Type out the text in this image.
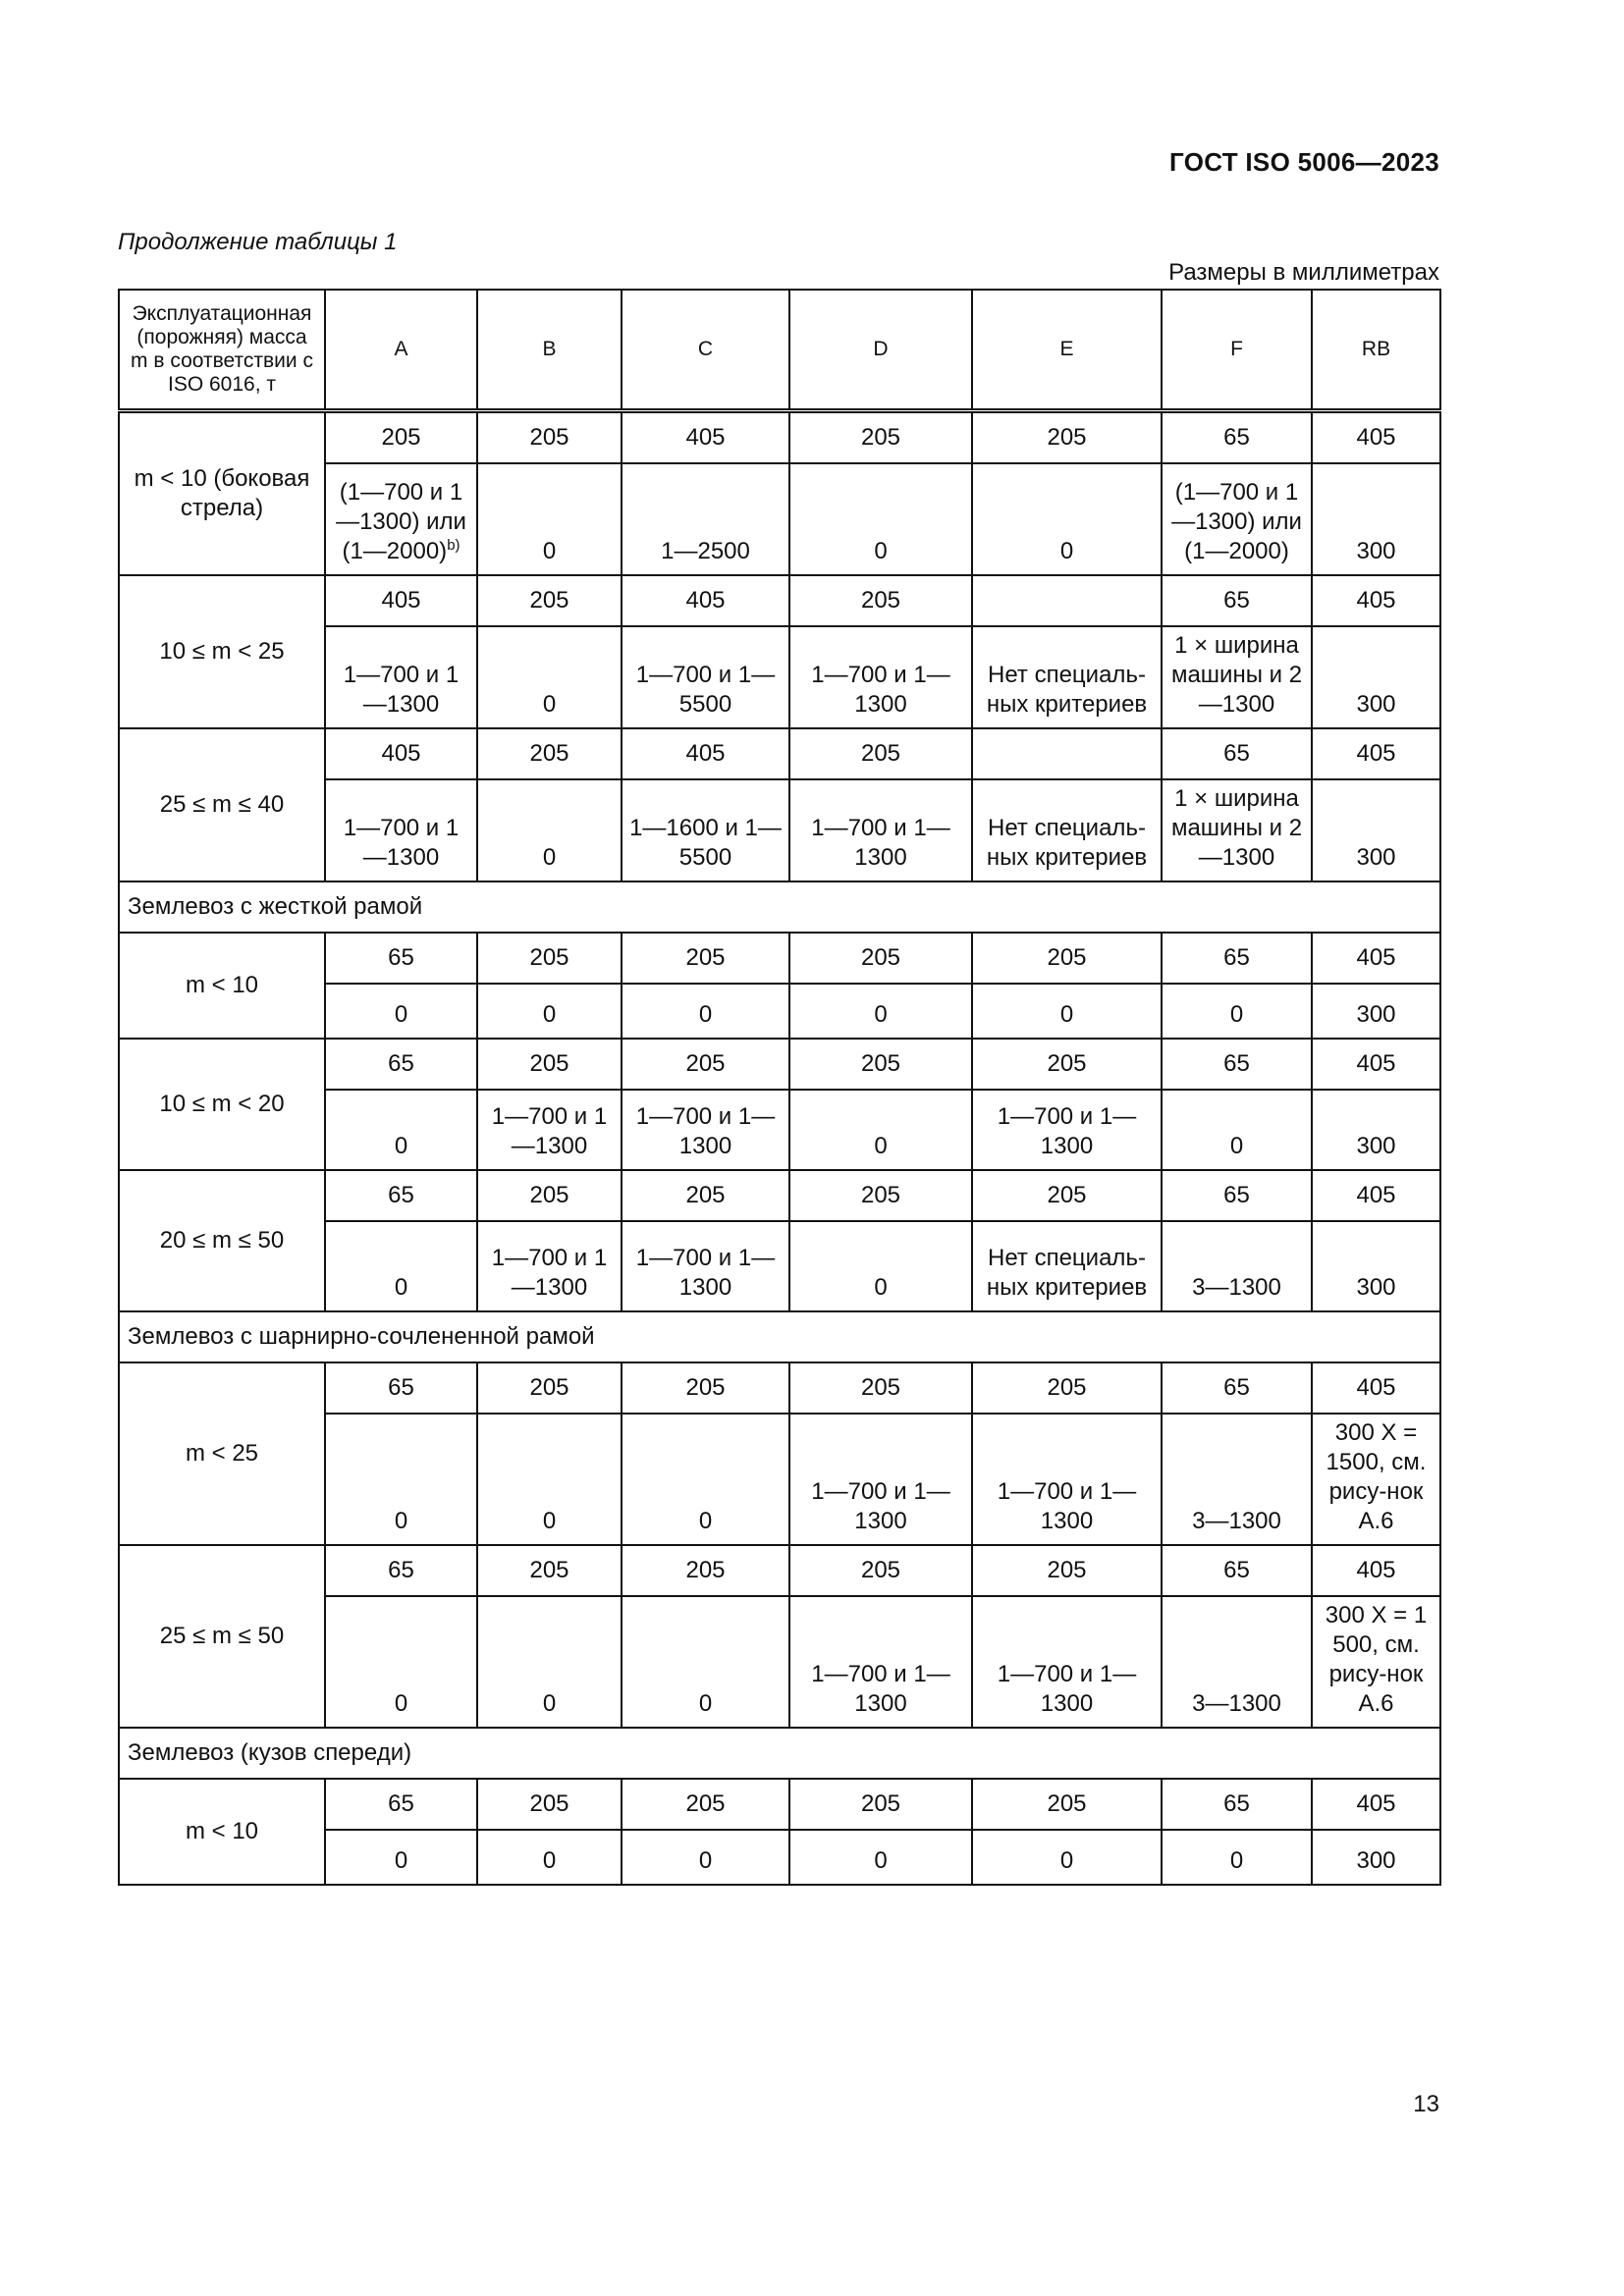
ГОСТ ISO 5006—2023
Продолжение таблицы 1
Размеры в миллиметрах
Эксплуатационная (порожняя) масса m в соответствии с ISO 6016, т	A	B	C	D	E	F	RB
m < 10 (боковая стрела)	205	205	405	205	205	65	405
	(1—700 и 1—1300) или (1—2000)$^{b)}$	0	1—2500	0	0	(1—700 и 1—1300) или (1—2000)	300
10 ≤ m < 25	405	205	405	205		65	405
	1—700 и 1—1300	0	1—700 и 1—5500	1—700 и 1—1300	Нет специаль-ных критериев	1 × ширина машины и 2—1300	300
25 ≤ m ≤ 40	405	205	405	205		65	405
	1—700 и 1—1300	0	1—1600 и 1—5500	1—700 и 1—1300	Нет специаль-ных критериев	1 × ширина машины и 2—1300	300
Землевоз с жесткой рамой							
m < 10	65	205	205	205	205	65	405
	0	0	0	0	0	0	300
10 ≤ m < 20	65	205	205	205	205	65	405
	0	1—700 и 1—1300	1—700 и 1—1300	0	1—700 и 1—1300	0	300
20 ≤ m ≤ 50	65	205	205	205	205	65	405
	0	1—700 и 1—1300	1—700 и 1—1300	0	Нет специаль-ных критериев	3—1300	300
Землевоз с шарнирно-сочлененной рамой							
m < 25	65	205	205	205	205	65	405
	0	0	0	1—700 и 1—1300	1—700 и 1—1300	3—1300	300 X = 1500, см. рису-нок А.6
25 ≤ m ≤ 50	65	205	205	205	205	65	405
	0	0	0	1—700 и 1—1300	1—700 и 1—1300	3—1300	300 X = 1 500, см. рису-нок А.6
Землевоз (кузов спереди)							
m < 10	65	205	205	205	205	65	405
	0	0	0	0	0	0	300
13
